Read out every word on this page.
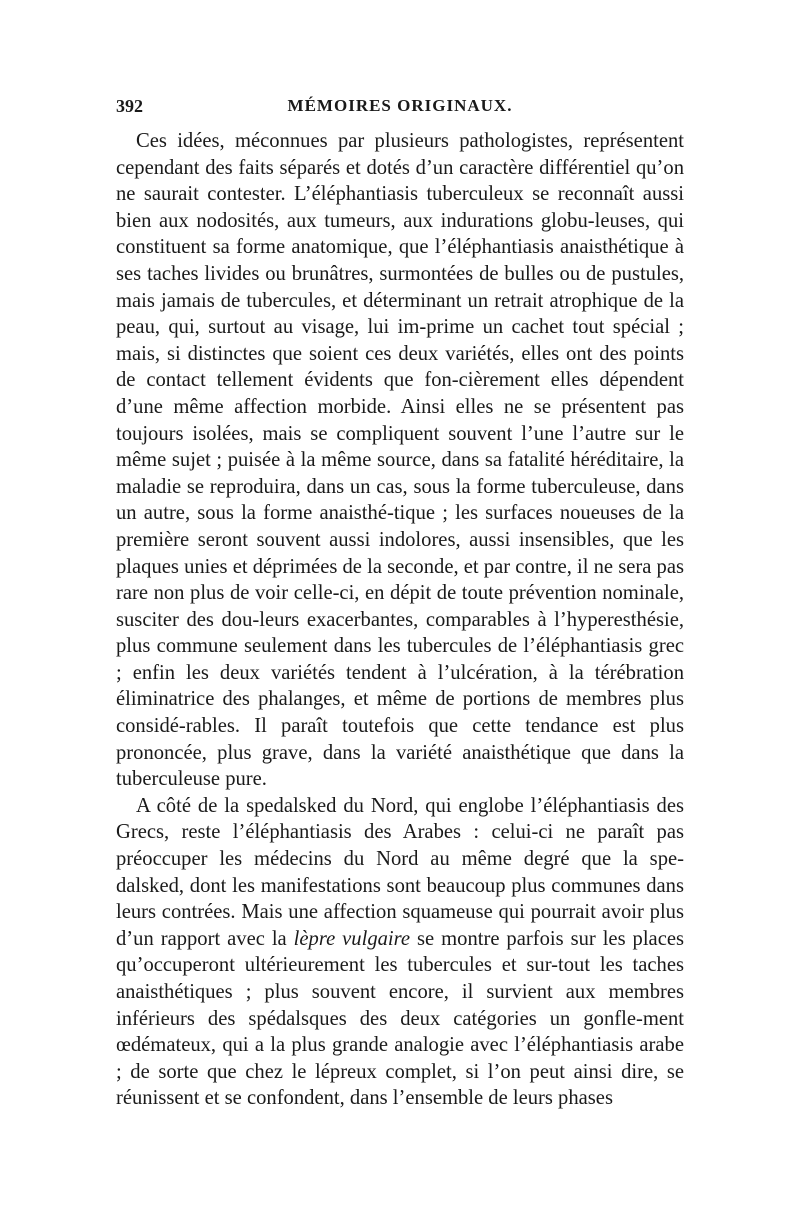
392	MÉMOIRES ORIGINAUX.

Ces idées, méconnues par plusieurs pathologistes, représentent cependant des faits séparés et dotés d’un caractère différentiel qu’on ne saurait contester. L’éléphantiasis tuberculeux se reconnaît aussi bien aux nodosités, aux tumeurs, aux indurations globu-leuses, qui constituent sa forme anatomique, que l’éléphantiasis anaisthétique à ses taches livides ou brunâtres, surmontées de bulles ou de pustules, mais jamais de tubercules, et déterminant un retrait atrophique de la peau, qui, surtout au visage, lui im-prime un cachet tout spécial ; mais, si distinctes que soient ces deux variétés, elles ont des points de contact tellement évidents que fon-cièrement elles dépendent d’une même affection morbide. Ainsi elles ne se présentent pas toujours isolées, mais se compliquent souvent l’une l’autre sur le même sujet ; puisée à la même source, dans sa fatalité héréditaire, la maladie se reproduira, dans un cas, sous la forme tuberculeuse, dans un autre, sous la forme anaisthé-tique ; les surfaces noueuses de la première seront souvent aussi indolores, aussi insensibles, que les plaques unies et déprimées de la seconde, et par contre, il ne sera pas rare non plus de voir celle-ci, en dépit de toute prévention nominale, susciter des dou-leurs exacerbantes, comparables à l’hyperesthésie, plus commune seulement dans les tubercules de l’éléphantiasis grec ; enfin les deux variétés tendent à l’ulcération, à la térébration éliminatrice des phalanges, et même de portions de membres plus considé-rables. Il paraît toutefois que cette tendance est plus prononcée, plus grave, dans la variété anaisthétique que dans la tuberculeuse pure.

A côté de la spedalsked du Nord, qui englobe l’éléphantiasis des Grecs, reste l’éléphantiasis des Arabes : celui-ci ne paraît pas préoccuper les médecins du Nord au même degré que la spe-dalsked, dont les manifestations sont beaucoup plus communes dans leurs contrées. Mais une affection squameuse qui pourrait avoir plus d’un rapport avec la lèpre vulgaire se montre parfois sur les places qu’occuperont ultérieurement les tubercules et sur-tout les taches anaisthétiques ; plus souvent encore, il survient aux membres inférieurs des spédalsques des deux catégories un gonfle-ment œdémateux, qui a la plus grande analogie avec l’éléphantiasis arabe ; de sorte que chez le lépreux complet, si l’on peut ainsi dire, se réunissent et se confondent, dans l’ensemble de leurs phases
